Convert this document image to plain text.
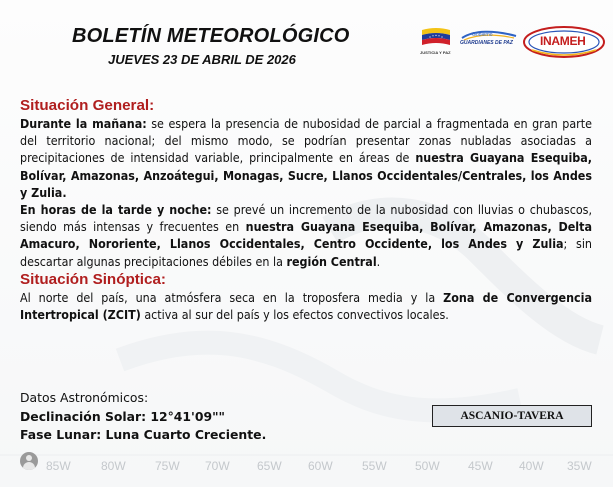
BOLETÍN METEOROLÓGICO
JUEVES 23 DE ABRIL DE 2026	JUSTICIA Y PAZ
Gobierno
GUARDIANES DE PAZ INAMEH
Situación General:

Durante la mañana: se espera la presencia de nubosidad de parcial a fragmentada en gran parte del territorio nacional; del mismo modo, se podrían presentar zonas nubladas asociadas a precipitaciones de intensidad variable, principalmente en áreas de nuestra Guayana Esequiba, Bolívar, Amazonas, Anzoátegui, Monagas, Sucre, Llanos Occidentales/Centrales, los Andes y Zulia.

En horas de la tarde y noche: se prevé un incremento de la nubosidad con lluvias o chubascos, siendo más intensas y frecuentes en nuestra Guayana Esequiba, Bolívar, Amazonas, Delta Amacuro, Nororiente, Llanos Occidentales, Centro Occidente, los Andes y Zulia; sin descartar algunas precipitaciones débiles en la región Central.

Situación Sinóptica:

Al norte del país, una atmósfera seca en la troposfera media y la Zona de Convergencia Intertropical (ZCIT) activa al sur del país y los efectos convectivos locales.

Datos Astronómicos:
Declinación Solar: 12°41'09""
Fase Lunar: Luna Cuarto Creciente.
ASCANIO-TAVERA
85W	80W 75W 70W 65W 60W 55W 50W 45W 40W 35W
